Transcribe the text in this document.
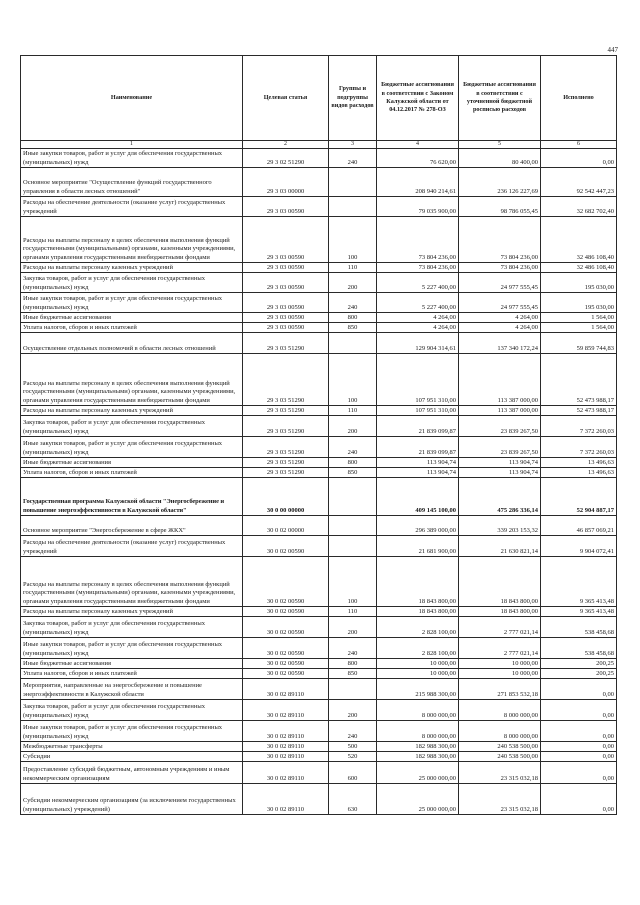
447
Наименование	Целевая статья	Группы и подгруппы видов расходов	Бюджетные ассигнования в соответствии с Законом Калужской области от 04.12.2017 № 278-ОЗ	Бюджетные ассигнования в соответствии с уточненной бюджетной росписью расходов	Исполнено
1	2	3	4	5	6
Иные закупки товаров, работ и услуг для обеспечения государственных (муниципальных) нужд	29 3 02 51290	240	76 620,00	80 400,00	0,00
Основное мероприятие "Осуществление функций государственного управления в области лесных отношений"	29 3 03 00000		208 940 214,61	236 126 227,69	92 542 447,23
Расходы на обеспечение деятельности (оказание услуг) государственных учреждений	29 3 03 00590		79 035 900,00	98 786 055,45	32 682 702,40
Расходы на выплаты персоналу в целях обеспечения выполнения функций государственными (муниципальными) органами, казенными учреждениями, органами управления государственными внебюджетными фондами	29 3 03 00590	100	73 804 236,00	73 804 236,00	32 486 108,40
Расходы на выплаты персоналу казенных учреждений	29 3 03 00590	110	73 804 236,00	73 804 236,00	32 486 108,40
Закупка товаров, работ и услуг для обеспечения государственных (муниципальных) нужд	29 3 03 00590	200	5 227 400,00	24 977 555,45	195 030,00
Иные закупки товаров, работ и услуг для обеспечения государственных (муниципальных) нужд	29 3 03 00590	240	5 227 400,00	24 977 555,45	195 030,00
Иные бюджетные ассигнования	29 3 03 00590	800	4 264,00	4 264,00	1 564,00
Уплата налогов, сборов и иных платежей	29 3 03 00590	850	4 264,00	4 264,00	1 564,00
Осуществление отдельных полномочий в области лесных отношений	29 3 03 51290		129 904 314,61	137 340 172,24	59 859 744,83
Расходы на выплаты персоналу в целях обеспечения выполнения функций государственными (муниципальными) органами, казенными учреждениями, органами управления государственными внебюджетными фондами	29 3 03 51290	100	107 951 310,00	113 387 000,00	52 473 988,17
Расходы на выплаты персоналу казенных учреждений	29 3 03 51290	110	107 951 310,00	113 387 000,00	52 473 988,17
Закупка товаров, работ и услуг для обеспечения государственных (муниципальных) нужд	29 3 03 51290	200	21 839 099,87	23 839 267,50	7 372 260,03
Иные закупки товаров, работ и услуг для обеспечения государственных (муниципальных) нужд	29 3 03 51290	240	21 839 099,87	23 839 267,50	7 372 260,03
Иные бюджетные ассигнования	29 3 03 51290	800	113 904,74	113 904,74	13 496,63
Уплата налогов, сборов и иных платежей	29 3 03 51290	850	113 904,74	113 904,74	13 496,63
Государственная программа Калужской области "Энергосбережение и повышение энергоэффективности в Калужской области"	30 0 00 00000		409 145 100,00	475 286 336,14	52 904 887,17
Основное мероприятие "Энергосбережение в сфере ЖКХ"	30 0 02 00000		296 389 000,00	339 203 153,32	46 857 069,21
Расходы на обеспечение деятельности (оказание услуг) государственных учреждений	30 0 02 00590		21 681 900,00	21 630 821,14	9 904 072,41
Расходы на выплаты персоналу в целях обеспечения выполнения функций государственными (муниципальными) органами, казенными учреждениями, органами управления государственными внебюджетными фондами	30 0 02 00590	100	18 843 800,00	18 843 800,00	9 365 413,48
Расходы на выплаты персоналу казенных учреждений	30 0 02 00590	110	18 843 800,00	18 843 800,00	9 365 413,48
Закупка товаров, работ и услуг для обеспечения государственных (муниципальных) нужд	30 0 02 00590	200	2 828 100,00	2 777 021,14	538 458,68
Иные закупки товаров, работ и услуг для обеспечения государственных (муниципальных) нужд	30 0 02 00590	240	2 828 100,00	2 777 021,14	538 458,68
Иные бюджетные ассигнования	30 0 02 00590	800	10 000,00	10 000,00	200,25
Уплата налогов, сборов и иных платежей	30 0 02 00590	850	10 000,00	10 000,00	200,25
Мероприятия, направленные на энергосбережение и повышение энергоэффективности в Калужской области	30 0 02 89110		215 988 300,00	271 853 532,18	0,00
Закупка товаров, работ и услуг для обеспечения государственных (муниципальных) нужд	30 0 02 89110	200	8 000 000,00	8 000 000,00	0,00
Иные закупки товаров, работ и услуг для обеспечения государственных (муниципальных) нужд	30 0 02 89110	240	8 000 000,00	8 000 000,00	0,00
Межбюджетные трансферты	30 0 02 89110	500	182 988 300,00	240 538 500,00	0,00
Субсидии	30 0 02 89110	520	182 988 300,00	240 538 500,00	0,00
Предоставление субсидий бюджетным, автономным учреждениям и иным некоммерческим организациям	30 0 02 89110	600	25 000 000,00	23 315 032,18	0,00
Субсидии некоммерческим организациям (за исключением государственных (муниципальных) учреждений)	30 0 02 89110	630	25 000 000,00	23 315 032,18	0,00
